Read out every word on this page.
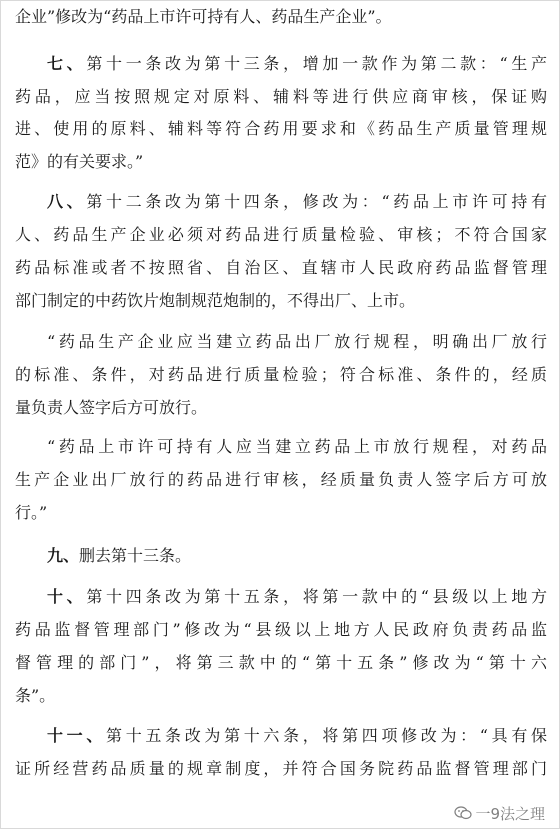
企业”修改为“药品上市许可持有人、药品生产企业”。
七、第十一条改为第十三条，增加一款作为第二款：“生产
药品，应当按照规定对原料、辅料等进行供应商审核，保证购
进、使用的原料、辅料等符合药用要求和《药品生产质量管理规
范》的有关要求。”
八、第十二条改为第十四条，修改为：“药品上市许可持有
人、药品生产企业必须对药品进行质量检验、审核；不符合国家
药品标准或者不按照省、自治区、直辖市人民政府药品监督管理
部门制定的中药饮片炮制规范炮制的，不得出厂、上市。
“药品生产企业应当建立药品出厂放行规程，明确出厂放行
的标准、条件，对药品进行质量检验；符合标准、条件的，经质
量负责人签字后方可放行。
“药品上市许可持有人应当建立药品上市放行规程，对药品
生产企业出厂放行的药品进行审核，经质量负责人签字后方可放
行。”
九、删去第十三条。
十、第十四条改为第十五条，将第一款中的“县级以上地方
药品监督管理部门”修改为“县级以上地方人民政府负责药品监
督管理的部门”，将第三款中的“第十五条”修改为“第十六
条”。
十一、第十五条改为第十六条，将第四项修改为：“具有保
证所经营药品质量的规章制度，并符合国务院药品监督管理部门
一9法之理
